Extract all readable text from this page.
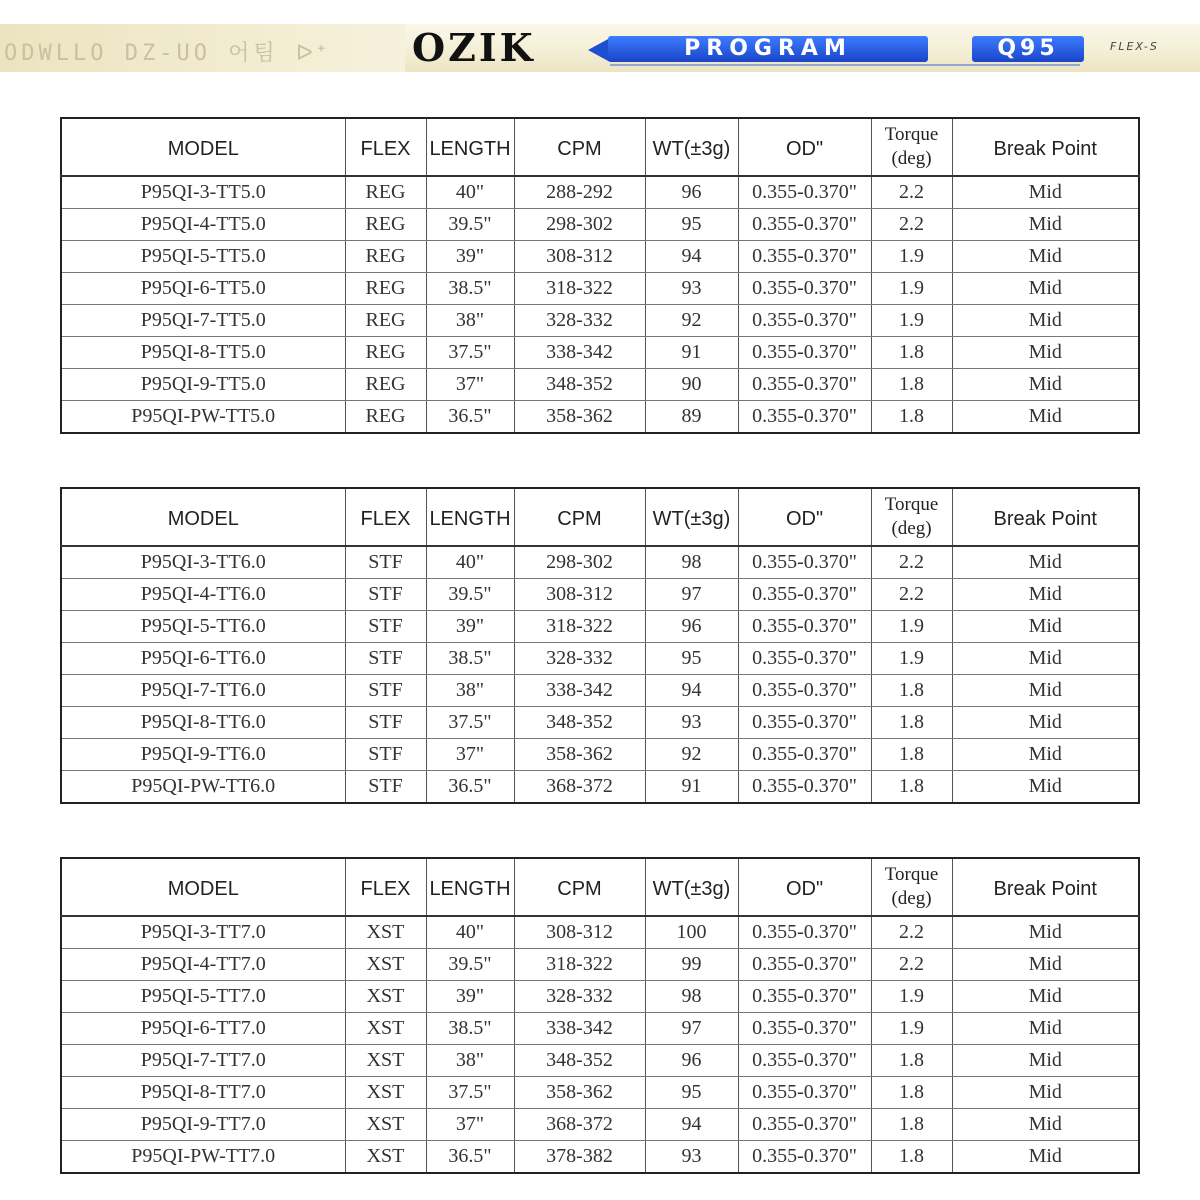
ODWLLO DZ-UO 어팀 ᐅᐩ OZIK	PROGRAM	Q95	FLEX-S
MODEL	FLEX	LENGTH	CPM	WT(±3g)	OD"	Torque
(deg)	Break Point
P95QI-3-TT5.0	REG	40"	288-292	96	0.355-0.370"	2.2	Mid
P95QI-4-TT5.0	REG	39.5"	298-302	95	0.355-0.370"	2.2	Mid
P95QI-5-TT5.0	REG	39"	308-312	94	0.355-0.370"	1.9	Mid
P95QI-6-TT5.0	REG	38.5"	318-322	93	0.355-0.370"	1.9	Mid
P95QI-7-TT5.0	REG	38"	328-332	92	0.355-0.370"	1.9	Mid
P95QI-8-TT5.0	REG	37.5"	338-342	91	0.355-0.370"	1.8	Mid
P95QI-9-TT5.0	REG	37"	348-352	90	0.355-0.370"	1.8	Mid
P95QI-PW-TT5.0	REG	36.5"	358-362	89	0.355-0.370"	1.8	Mid
MODEL	FLEX	LENGTH	CPM	WT(±3g)	OD"	Torque
(deg)	Break Point
P95QI-3-TT6.0	STF	40"	298-302	98	0.355-0.370"	2.2	Mid
P95QI-4-TT6.0	STF	39.5"	308-312	97	0.355-0.370"	2.2	Mid
P95QI-5-TT6.0	STF	39"	318-322	96	0.355-0.370"	1.9	Mid
P95QI-6-TT6.0	STF	38.5"	328-332	95	0.355-0.370"	1.9	Mid
P95QI-7-TT6.0	STF	38"	338-342	94	0.355-0.370"	1.8	Mid
P95QI-8-TT6.0	STF	37.5"	348-352	93	0.355-0.370"	1.8	Mid
P95QI-9-TT6.0	STF	37"	358-362	92	0.355-0.370"	1.8	Mid
P95QI-PW-TT6.0	STF	36.5"	368-372	91	0.355-0.370"	1.8	Mid
MODEL	FLEX	LENGTH	CPM	WT(±3g)	OD"	Torque
(deg)	Break Point
P95QI-3-TT7.0	XST	40"	308-312	100	0.355-0.370"	2.2	Mid
P95QI-4-TT7.0	XST	39.5"	318-322	99	0.355-0.370"	2.2	Mid
P95QI-5-TT7.0	XST	39"	328-332	98	0.355-0.370"	1.9	Mid
P95QI-6-TT7.0	XST	38.5"	338-342	97	0.355-0.370"	1.9	Mid
P95QI-7-TT7.0	XST	38"	348-352	96	0.355-0.370"	1.8	Mid
P95QI-8-TT7.0	XST	37.5"	358-362	95	0.355-0.370"	1.8	Mid
P95QI-9-TT7.0	XST	37"	368-372	94	0.355-0.370"	1.8	Mid
P95QI-PW-TT7.0	XST	36.5"	378-382	93	0.355-0.370"	1.8	Mid
